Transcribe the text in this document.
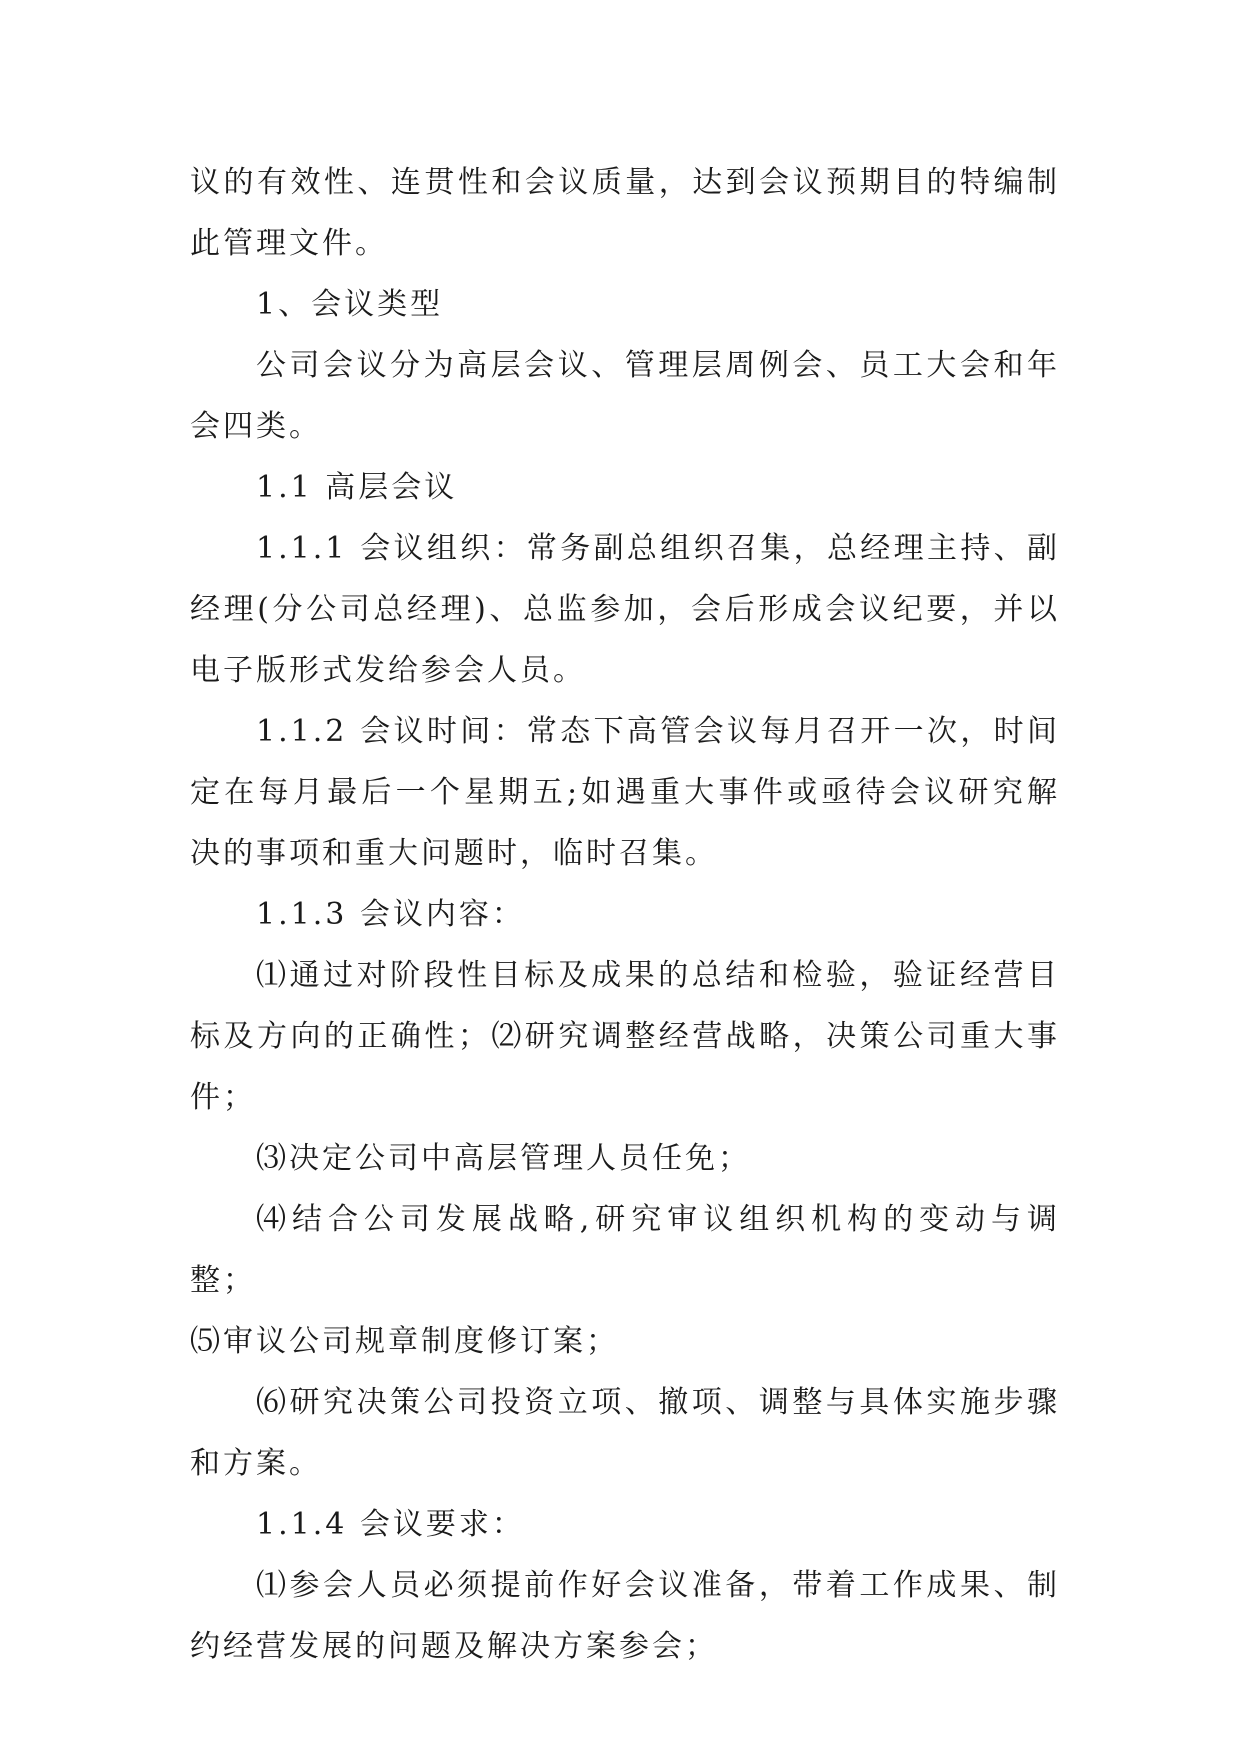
议的有效性、连贯性和会议质量，达到会议预期目的特编制此管理文件。

1、会议类型

公司会议分为高层会议、管理层周例会、员工大会和年会四类。

1.1 高层会议

1.1.1 会议组织：常务副总组织召集，总经理主持、副经理(分公司总经理)、总监参加，会后形成会议纪要，并以电子版形式发给参会人员。

1.1.2 会议时间：常态下高管会议每月召开一次，时间定在每月最后一个星期五;如遇重大事件或亟待会议研究解决的事项和重大问题时，临时召集。

1.1.3 会议内容：

⑴通过对阶段性目标及成果的总结和检验，验证经营目标及方向的正确性；⑵研究调整经营战略，决策公司重大事件；

⑶决定公司中高层管理人员任免；

⑷结合公司发展战略,研究审议组织机构的变动与调整；

⑸审议公司规章制度修订案；

⑹研究决策公司投资立项、撤项、调整与具体实施步骤和方案。

1.1.4 会议要求：

⑴参会人员必须提前作好会议准备，带着工作成果、制约经营发展的问题及解决方案参会；
